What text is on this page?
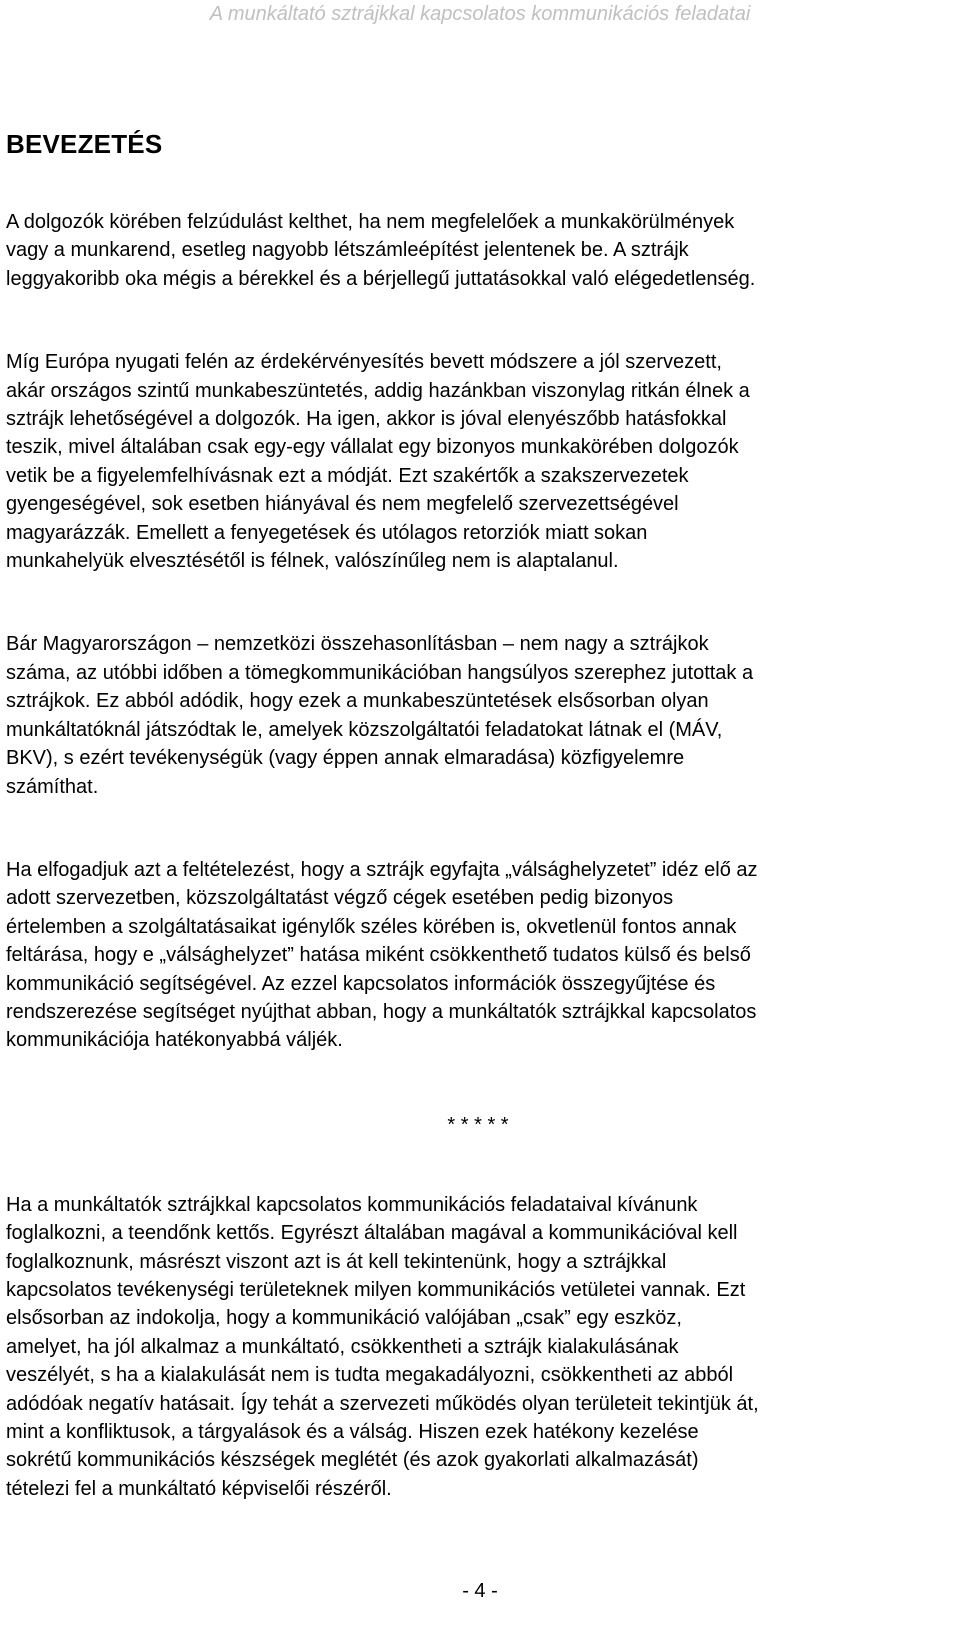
A munkáltató sztrájkkal kapcsolatos kommunikációs feladatai
BEVEZETÉS

A dolgozók körében felzúdulást kelthet, ha nem megfelelőek a munkakörülmények
vagy a munkarend, esetleg nagyobb létszámleépítést jelentenek be. A sztrájk
leggyakoribb oka mégis a bérekkel és a bérjellegű juttatásokkal való elégedetlenség.

Míg Európa nyugati felén az érdekérvényesítés bevett módszere a jól szervezett,
akár országos szintű munkabeszüntetés, addig hazánkban viszonylag ritkán élnek a
sztrájk lehetőségével a dolgozók. Ha igen, akkor is jóval elenyészőbb hatásfokkal
teszik, mivel általában csak egy-egy vállalat egy bizonyos munkakörében dolgozók
vetik be a figyelemfelhívásnak ezt a módját. Ezt szakértők a szakszervezetek
gyengeségével, sok esetben hiányával és nem megfelelő szervezettségével
magyarázzák. Emellett a fenyegetések és utólagos retorziók miatt sokan
munkahelyük elvesztésétől is félnek, valószínűleg nem is alaptalanul.

Bár Magyarországon – nemzetközi összehasonlításban – nem nagy a sztrájkok
száma, az utóbbi időben a tömegkommunikációban hangsúlyos szerephez jutottak a
sztrájkok. Ez abból adódik, hogy ezek a munkabeszüntetések elsősorban olyan
munkáltatóknál játszódtak le, amelyek közszolgáltatói feladatokat látnak el (MÁV,
BKV), s ezért tevékenységük (vagy éppen annak elmaradása) közfigyelemre
számíthat.

Ha elfogadjuk azt a feltételezést, hogy a sztrájk egyfajta „válsághelyzetet” idéz elő az
adott szervezetben, közszolgáltatást végző cégek esetében pedig bizonyos
értelemben a szolgáltatásaikat igénylők széles körében is, okvetlenül fontos annak
feltárása, hogy e „válsághelyzet” hatása miként csökkenthető tudatos külső és belső
kommunikáció segítségével. Az ezzel kapcsolatos információk összegyűjtése és
rendszerezése segítséget nyújthat abban, hogy a munkáltatók sztrájkkal kapcsolatos
kommunikációja hatékonyabbá váljék.

* * * * *

Ha a munkáltatók sztrájkkal kapcsolatos kommunikációs feladataival kívánunk
foglalkozni, a teendőnk kettős. Egyrészt általában magával a kommunikációval kell
foglalkoznunk, másrészt viszont azt is át kell tekintenünk, hogy a sztrájkkal
kapcsolatos tevékenységi területeknek milyen kommunikációs vetületei vannak. Ezt
elsősorban az indokolja, hogy a kommunikáció valójában „csak” egy eszköz,
amelyet, ha jól alkalmaz a munkáltató, csökkentheti a sztrájk kialakulásának
veszélyét, s ha a kialakulását nem is tudta megakadályozni, csökkentheti az abból
adódóak negatív hatásait. Így tehát a szervezeti működés olyan területeit tekintjük át,
mint a konfliktusok, a tárgyalások és a válság. Hiszen ezek hatékony kezelése
sokrétű kommunikációs készségek meglétét (és azok gyakorlati alkalmazását)
tételezi fel a munkáltató képviselői részéről.

- 4 -
